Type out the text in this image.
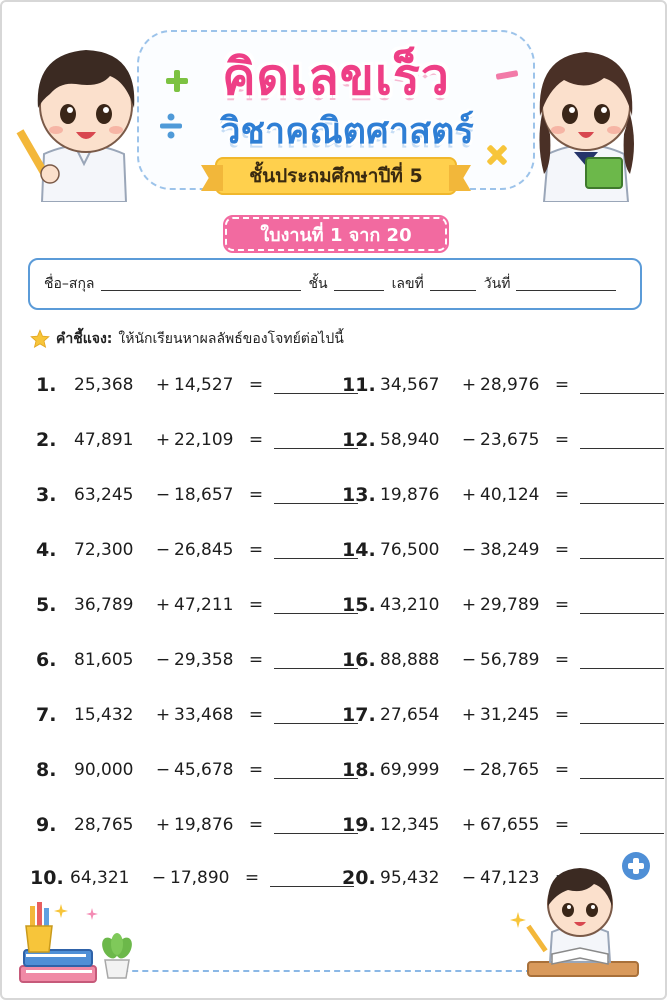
คิดเลขเร็ว
วิชาคณิตศาสตร์
ชั้นประถมศึกษาปีที่ 5
ใบงานที่ 1 จาก 20
ชื่อ–สกุล	ชั้น	เลขที่	วันที่
คำชี้แจง: ให้นักเรียนหาผลลัพธ์ของโจทย์ต่อไปนี้
1.	25,368	+ 14,527 =
2.	47,891	+ 22,109 =
3.	63,245	− 18,657 =
4.	72,300	− 26,845 =
5.	36,789	+ 47,211 =
6.	81,605	− 29,358 =
7.	15,432	+ 33,468 =
8.	90,000	− 45,678 =
9.	28,765	+ 19,876 =
10. 64,321	− 17,890 =
11. 34,567	+ 28,976 =
12. 58,940	− 23,675 =
13. 19,876	+ 40,124 =
14. 76,500	− 38,249 =
15. 43,210	+ 29,789 =
16. 88,888	− 56,789 =
17. 27,654	+ 31,245 =
18. 69,999	− 28,765 =
19. 12,345	+ 67,655 =
20. 95,432	− 47,123
